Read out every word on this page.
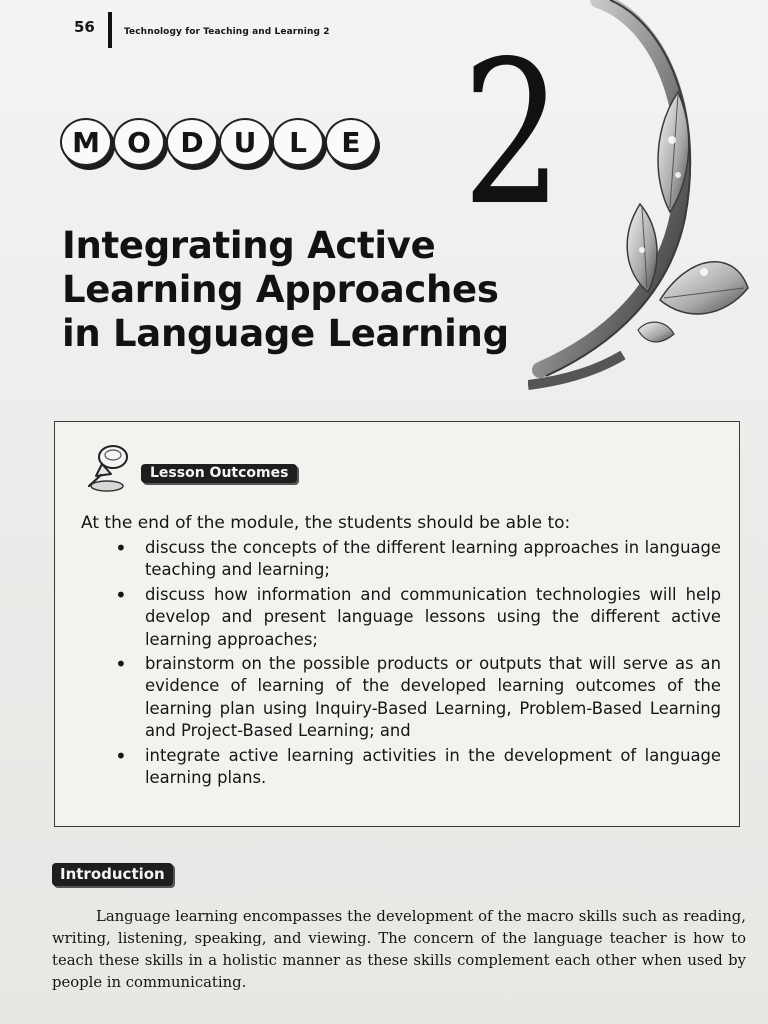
56	Technology for Teaching and Learning 2
M O	D	U	L	E 2
Integrating Active
Learning Approaches
in Language Learning
Lesson Outcomes

At the end of the module, the students should be able to:

• discuss the concepts of the different learning approaches in language teaching and learning;
• discuss how information and communication technologies will help develop and present language lessons using the different active learning approaches;
• brainstorm on the possible products or outputs that will serve as an evidence of learning of the developed learning outcomes of the learning plan using Inquiry-Based Learning, Problem-Based Learning and Project-Based Learning; and
• integrate active learning activities in the development of language learning plans.
Introduction

Language learning encompasses the development of the macro skills such as reading, writing, listening, speaking, and viewing. The concern of the language teacher is how to teach these skills in a holistic manner as these skills complement each other when used by people in communicating.
